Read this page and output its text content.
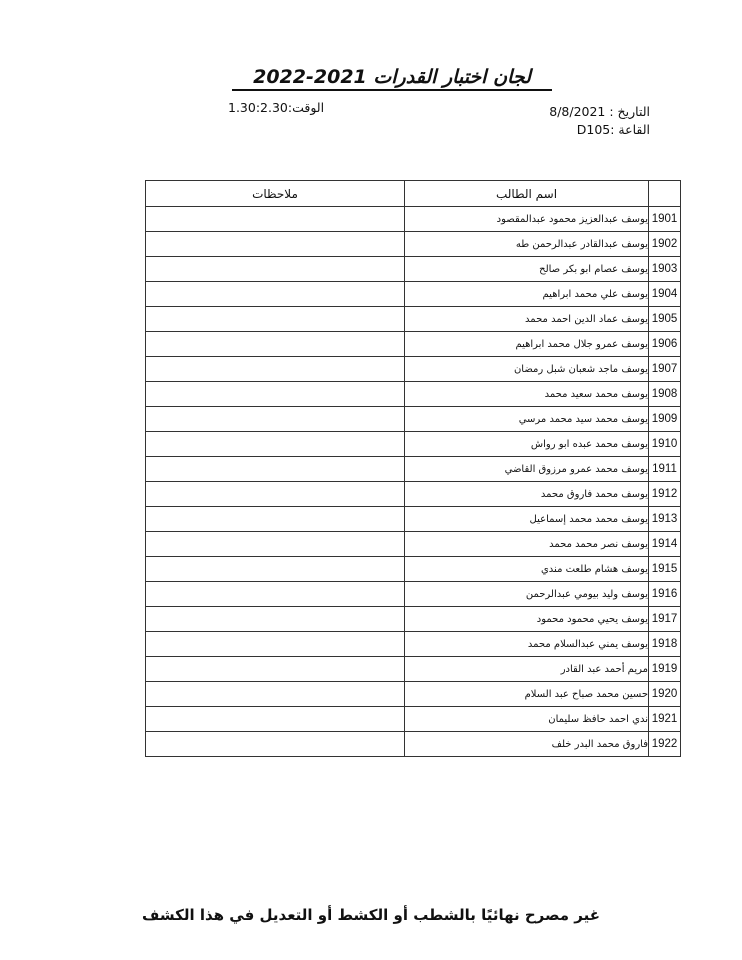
لجان اختبار القدرات 2021-2022
التاريخ : 8/8/2021
القاعة :D105
الوقت:1.30:2.30
	اسم الطالب	ملاحظات
1901	يوسف عبدالعزيز محمود عبدالمقصود	
1902	يوسف عبدالقادر عبدالرحمن طه	
1903	يوسف عصام ابو بكر صالح	
1904	يوسف علي محمد ابراهيم	
1905	يوسف عماد الدين احمد محمد	
1906	يوسف عمرو جلال محمد ابراهيم	
1907	يوسف ماجد شعبان شبل رمضان	
1908	يوسف محمد سعيد محمد	
1909	يوسف محمد سيد محمد مرسي	
1910	يوسف محمد عبده ابو رواش	
1911	يوسف محمد عمرو مرزوق القاضي	
1912	يوسف محمد فاروق محمد	
1913	يوسف محمد محمد إسماعيل	
1914	يوسف نصر محمد محمد	
1915	يوسف هشام طلعت مندي	
1916	يوسف وليد بيومي عبدالرحمن	
1917	يوسف يحيي محمود محمود	
1918	يوسف يمني عبدالسلام محمد	
1919	مريم أحمد عبد القادر	
1920	حسين محمد صباح عبد السلام	
1921	ندي احمد حافظ سليمان	
1922	فاروق محمد البدر خلف	
غير مصرح نهائيًا بالشطب أو الكشط أو التعديل في هذا الكشف
